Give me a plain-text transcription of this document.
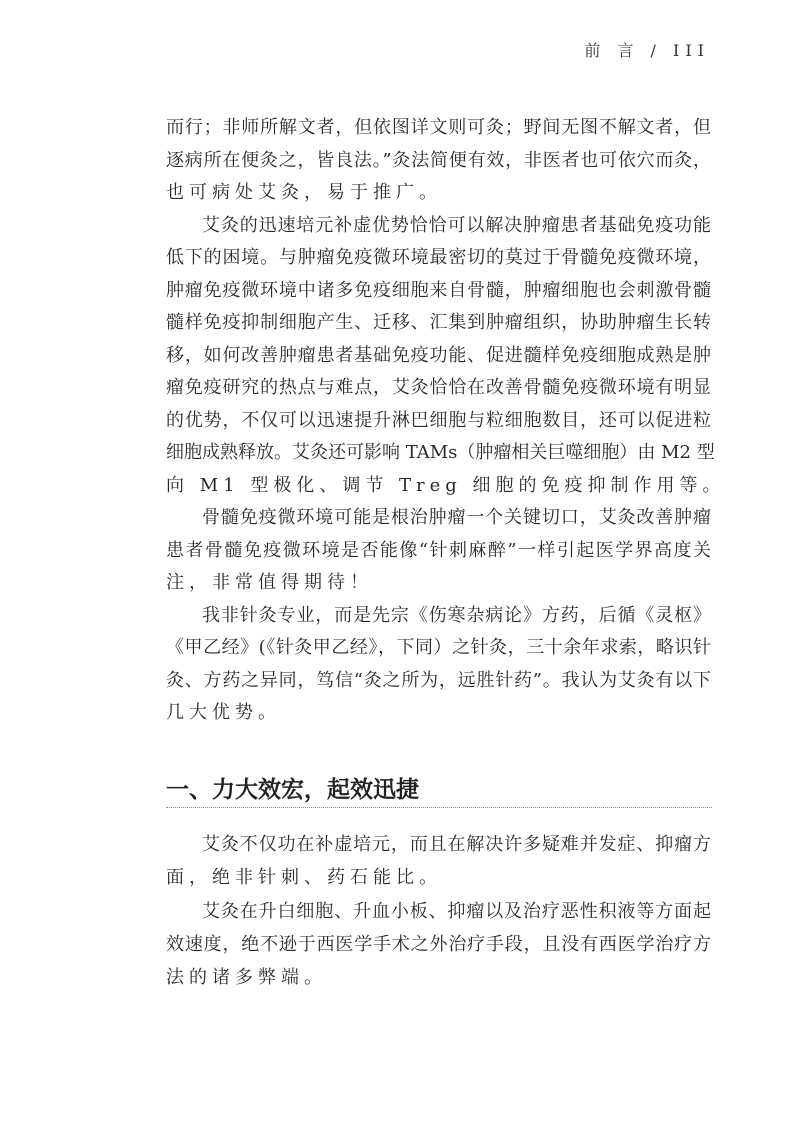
前 言 / III
而行；非师所解文者，但依图详文则可灸；野间无图不解文者，但
逐病所在便灸之，皆良法。”灸法简便有效，非医者也可依穴而灸，
也可病处艾灸，易于推广。
艾灸的迅速培元补虚优势恰恰可以解决肿瘤患者基础免疫功能
低下的困境。与肿瘤免疫微环境最密切的莫过于骨髓免疫微环境，
肿瘤免疫微环境中诸多免疫细胞来自骨髓，肿瘤细胞也会刺激骨髓
髓样免疫抑制细胞产生、迁移、汇集到肿瘤组织，协助肿瘤生长转
移，如何改善肿瘤患者基础免疫功能、促进髓样免疫细胞成熟是肿
瘤免疫研究的热点与难点，艾灸恰恰在改善骨髓免疫微环境有明显
的优势，不仅可以迅速提升淋巴细胞与粒细胞数目，还可以促进粒
细胞成熟释放。艾灸还可影响 TAMs（肿瘤相关巨噬细胞）由 M2 型
向 M1 型极化、调节 Treg 细胞的免疫抑制作用等。
骨髓免疫微环境可能是根治肿瘤一个关键切口，艾灸改善肿瘤
患者骨髓免疫微环境是否能像“针刺麻醉”一样引起医学界高度关
注，非常值得期待！
我非针灸专业，而是先宗《伤寒杂病论》方药，后循《灵枢》
《甲乙经》(《针灸甲乙经》，下同）之针灸，三十余年求索，略识针
灸、方药之异同，笃信“灸之所为，远胜针药”。我认为艾灸有以下
几大优势。
艾灸不仅功在补虚培元，而且在解决许多疑难并发症、抑瘤方
面，绝非针刺、药石能比。
艾灸在升白细胞、升血小板、抑瘤以及治疗恶性积液等方面起
效速度，绝不逊于西医学手术之外治疗手段，且没有西医学治疗方
法的诸多弊端。
一、力大效宏，起效迅捷
